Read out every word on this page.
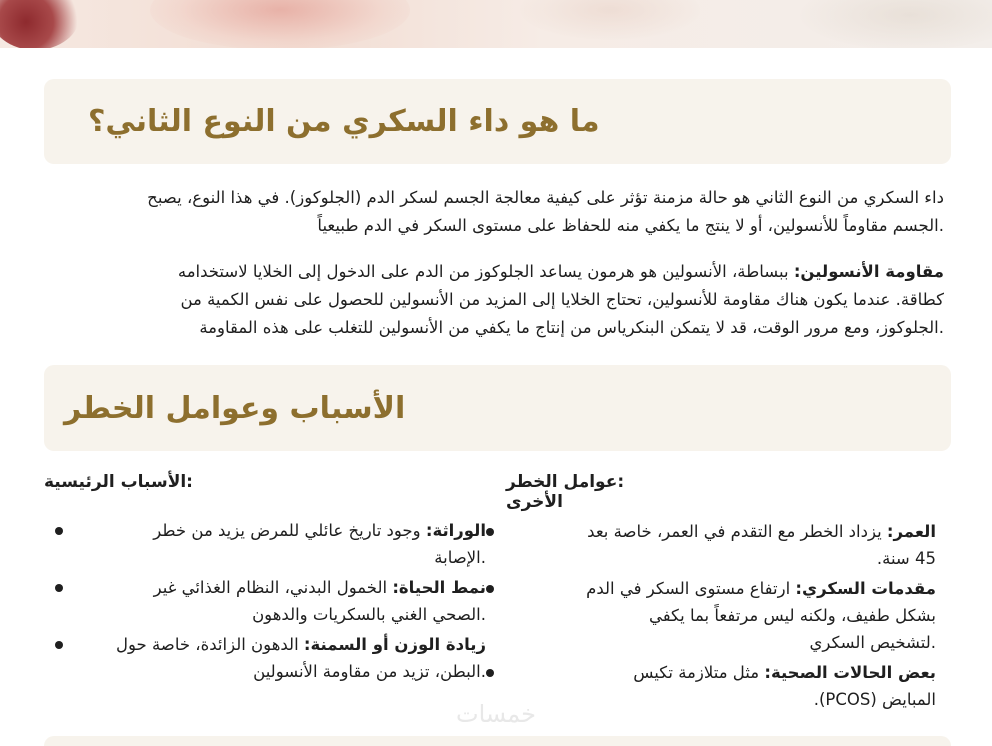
ما هو داء السكري من النوع الثاني؟
داء السكري من النوع الثاني هو حالة مزمنة تؤثر على كيفية معالجة الجسم لسكر الدم (الجلوكوز). في هذا النوع، يصبح
.الجسم مقاوماً للأنسولين، أو لا ينتج ما يكفي منه للحفاظ على مستوى السكر في الدم طبيعياً
مقاومة الأنسولين: ببساطة، الأنسولين هو هرمون يساعد الجلوكوز من الدم على الدخول إلى الخلايا لاستخدامه
كطاقة. عندما يكون هناك مقاومة للأنسولين، تحتاج الخلايا إلى المزيد من الأنسولين للحصول على نفس الكمية من
.الجلوكوز، ومع مرور الوقت، قد لا يتمكن البنكرياس من إنتاج ما يكفي من الأنسولين للتغلب على هذه المقاومة
الأسباب وعوامل الخطر
:عوامل الخطر الأخرى
:الأسباب الرئيسية
العمر: يزداد الخطر مع التقدم في العمر، خاصة بعد
45 سنة.
مقدمات السكري: ارتفاع مستوى السكر في الدم
بشكل طفيف، ولكنه ليس مرتفعاً بما يكفي
.لتشخيص السكري
بعض الحالات الصحية: مثل متلازمة تكيس
المبايض (PCOS).
الوراثة: وجود تاريخ عائلي للمرض يزيد من خطر
.الإصابة
نمط الحياة: الخمول البدني، النظام الغذائي غير
.الصحي الغني بالسكريات والدهون
زيادة الوزن أو السمنة: الدهون الزائدة، خاصة حول
.البطن، تزيد من مقاومة الأنسولين
خمسات
